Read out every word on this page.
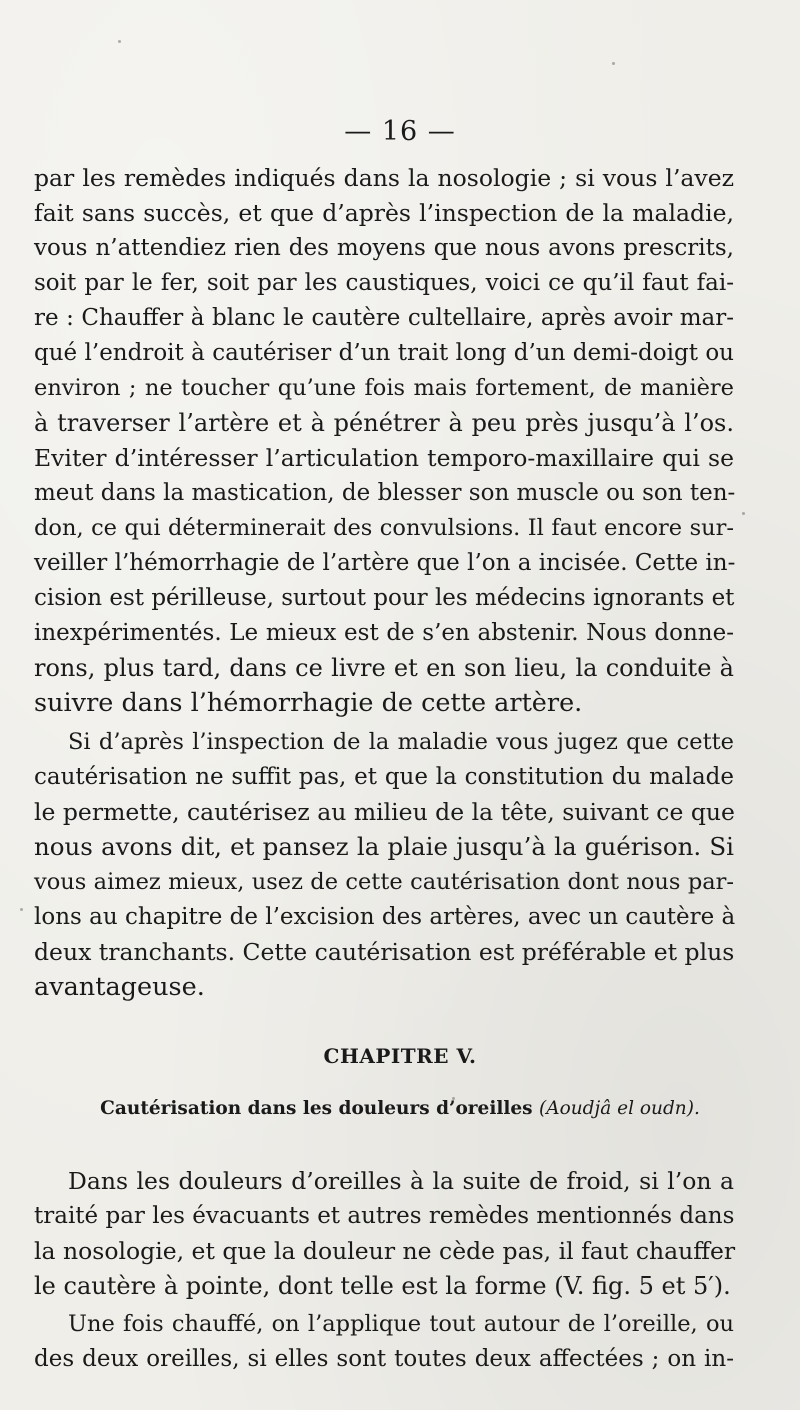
— 16 —
par les remèdes indiqués dans la nosologie ; si vous l’avez
fait sans succès, et que d’après l’inspection de la maladie,
vous n’attendiez rien des moyens que nous avons prescrits,
soit par le fer, soit par les caustiques, voici ce qu’il faut fai-
re : Chauffer à blanc le cautère cultellaire, après avoir mar-
qué l’endroit à cautériser d’un trait long d’un demi-doigt ou
environ ; ne toucher qu’une fois mais fortement, de manière
à traverser l’artère et à pénétrer à peu près jusqu’à l’os.
Eviter d’intéresser l’articulation temporo-maxillaire qui se
meut dans la mastication, de blesser son muscle ou son ten-
don, ce qui déterminerait des convulsions. Il faut encore sur-
veiller l’hémorrhagie de l’artère que l’on a incisée. Cette in-
cision est périlleuse, surtout pour les médecins ignorants et
inexpérimentés. Le mieux est de s’en abstenir. Nous donne-
rons, plus tard, dans ce livre et en son lieu, la conduite à
suivre dans l’hémorrhagie de cette artère.
Si d’après l’inspection de la maladie vous jugez que cette
cautérisation ne suffit pas, et que la constitution du malade
le permette, cautérisez au milieu de la tête, suivant ce que
nous avons dit, et pansez la plaie jusqu’à la guérison. Si
vous aimez mieux, usez de cette cautérisation dont nous par-
lons au chapitre de l’excision des artères, avec un cautère à
deux tranchants. Cette cautérisation est préférable et plus
avantageuse.
CHAPITRE V.
Cautérisation dans les douleurs d’oreilles (Aoudjâ el oudn).
Dans les douleurs d’oreilles à la suite de froid, si l’on a
traité par les évacuants et autres remèdes mentionnés dans
la nosologie, et que la douleur ne cède pas, il faut chauffer
le cautère à pointe, dont telle est la forme (V. fig. 5 et 5′).
Une fois chauffé, on l’applique tout autour de l’oreille, ou
des deux oreilles, si elles sont toutes deux affectées ; on in-
